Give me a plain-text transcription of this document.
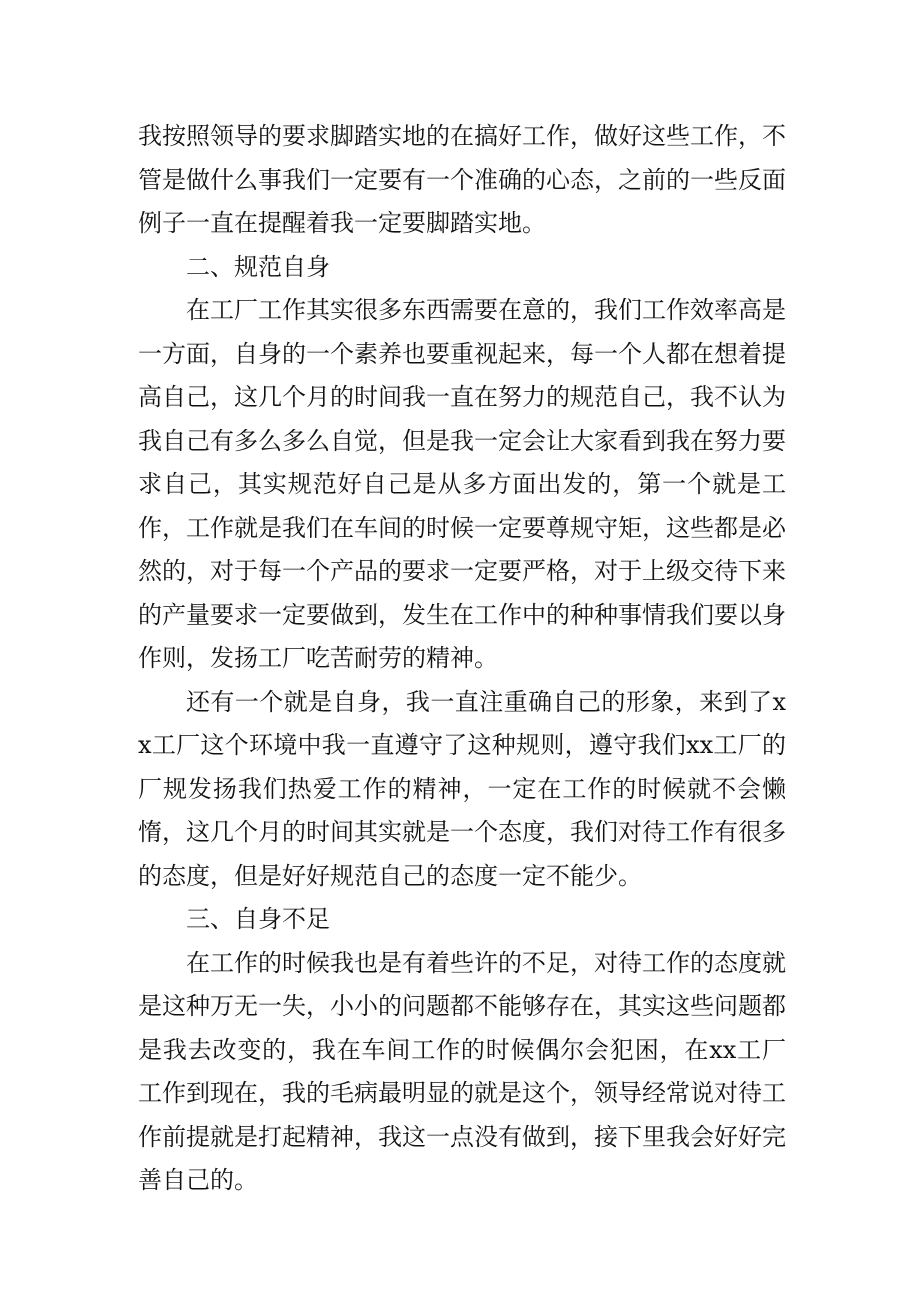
我按照领导的要求脚踏实地的在搞好工作，做好这些工作，不管是做什么事我们一定要有一个准确的心态，之前的一些反面例子一直在提醒着我一定要脚踏实地。

二、规范自身

在工厂工作其实很多东西需要在意的，我们工作效率高是一方面，自身的一个素养也要重视起来，每一个人都在想着提高自己，这几个月的时间我一直在努力的规范自己，我不认为我自己有多么多么自觉，但是我一定会让大家看到我在努力要求自己，其实规范好自己是从多方面出发的，第一个就是工作，工作就是我们在车间的时候一定要尊规守矩，这些都是必然的，对于每一个产品的要求一定要严格，对于上级交待下来的产量要求一定要做到，发生在工作中的种种事情我们要以身作则，发扬工厂吃苦耐劳的精神。

还有一个就是自身，我一直注重确自己的形象，来到了xx工厂这个环境中我一直遵守了这种规则，遵守我们xx工厂的厂规发扬我们热爱工作的精神，一定在工作的时候就不会懒惰，这几个月的时间其实就是一个态度，我们对待工作有很多的态度，但是好好规范自己的态度一定不能少。

三、自身不足

在工作的时候我也是有着些许的不足，对待工作的态度就是这种万无一失，小小的问题都不能够存在，其实这些问题都是我去改变的，我在车间工作的时候偶尔会犯困，在xx工厂工作到现在，我的毛病最明显的就是这个，领导经常说对待工作前提就是打起精神，我这一点没有做到，接下里我会好好完善自己的。
